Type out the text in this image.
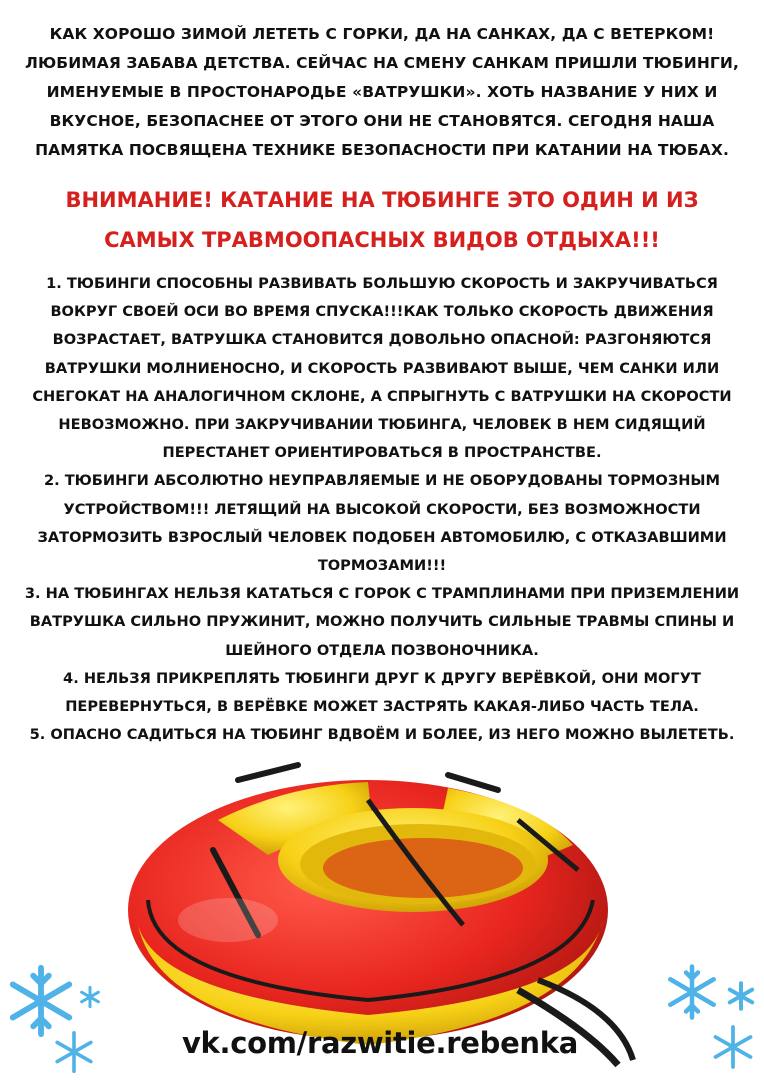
КАК ХОРОШО ЗИМОЙ ЛЕТЕТЬ С ГОРКИ, ДА НА САНКАХ, ДА С ВЕТЕРКОМ! ЛЮБИМАЯ ЗАБАВА ДЕТСТВА. СЕЙЧАС НА СМЕНУ САНКАМ ПРИШЛИ ТЮБИНГИ, ИМЕНУЕМЫЕ В ПРОСТОНАРОДЬЕ «ВАТРУШКИ». ХОТЬ НАЗВАНИЕ У НИХ И ВКУСНОЕ, БЕЗОПАСНЕЕ ОТ ЭТОГО ОНИ НЕ СТАНОВЯТСЯ. СЕГОДНЯ НАША ПАМЯТКА ПОСВЯЩЕНА ТЕХНИКЕ БЕЗОПАСНОСТИ ПРИ КАТАНИИ НА ТЮБАХ.
ВНИМАНИЕ! КАТАНИЕ НА ТЮБИНГЕ ЭТО ОДИН И ИЗ САМЫХ ТРАВМООПАСНЫХ ВИДОВ ОТДЫХА!!!

1. ТЮБИНГИ СПОСОБНЫ РАЗВИВАТЬ БОЛЬШУЮ СКОРОСТЬ И ЗАКРУЧИВАТЬСЯ ВОКРУГ СВОЕЙ ОСИ ВО ВРЕМЯ СПУСКА!!!КАК ТОЛЬКО СКОРОСТЬ ДВИЖЕНИЯ ВОЗРАСТАЕТ, ВАТРУШКА СТАНОВИТСЯ ДОВОЛЬНО ОПАСНОЙ: РАЗГОНЯЮТСЯ ВАТРУШКИ МОЛНИЕНОСНО, И СКОРОСТЬ РАЗВИВАЮТ ВЫШЕ, ЧЕМ САНКИ ИЛИ СНЕГОКАТ НА АНАЛОГИЧНОМ СКЛОНЕ, А СПРЫГНУТЬ С ВАТРУШКИ НА СКОРОСТИ НЕВОЗМОЖНО. ПРИ ЗАКРУЧИВАНИИ ТЮБИНГА, ЧЕЛОВЕК В НЕМ СИДЯЩИЙ ПЕРЕСТАНЕТ ОРИЕНТИРОВАТЬСЯ В ПРОСТРАНСТВЕ.

2. ТЮБИНГИ АБСОЛЮТНО НЕУПРАВЛЯЕМЫЕ И НЕ ОБОРУДОВАНЫ ТОРМОЗНЫМ УСТРОЙСТВОМ!!! ЛЕТЯЩИЙ НА ВЫСОКОЙ СКОРОСТИ, БЕЗ ВОЗМОЖНОСТИ ЗАТОРМОЗИТЬ ВЗРОСЛЫЙ ЧЕЛОВЕК ПОДОБЕН АВТОМОБИЛЮ, С ОТКАЗАВШИМИ ТОРМОЗАМИ!!!

3. НА ТЮБИНГАХ НЕЛЬЗЯ КАТАТЬСЯ С ГОРОК С ТРАМПЛИНАМИ ПРИ ПРИЗЕМЛЕНИИ ВАТРУШКА СИЛЬНО ПРУЖИНИТ, МОЖНО ПОЛУЧИТЬ СИЛЬНЫЕ ТРАВМЫ СПИНЫ И ШЕЙНОГО ОТДЕЛА ПОЗВОНОЧНИКА.

4. НЕЛЬЗЯ ПРИКРЕПЛЯТЬ ТЮБИНГИ ДРУГ К ДРУГУ ВЕРЁВКОЙ, ОНИ МОГУТ ПЕРЕВЕРНУТЬСЯ, В ВЕРЁВКЕ МОЖЕТ ЗАСТРЯТЬ КАКАЯ-ЛИБО ЧАСТЬ ТЕЛА.

5. ОПАСНО САДИТЬСЯ НА ТЮБИНГ ВДВОЁМ И БОЛЕЕ, ИЗ НЕГО МОЖНО ВЫЛЕТЕТЬ.

vk.com/razwitie.rebenka
